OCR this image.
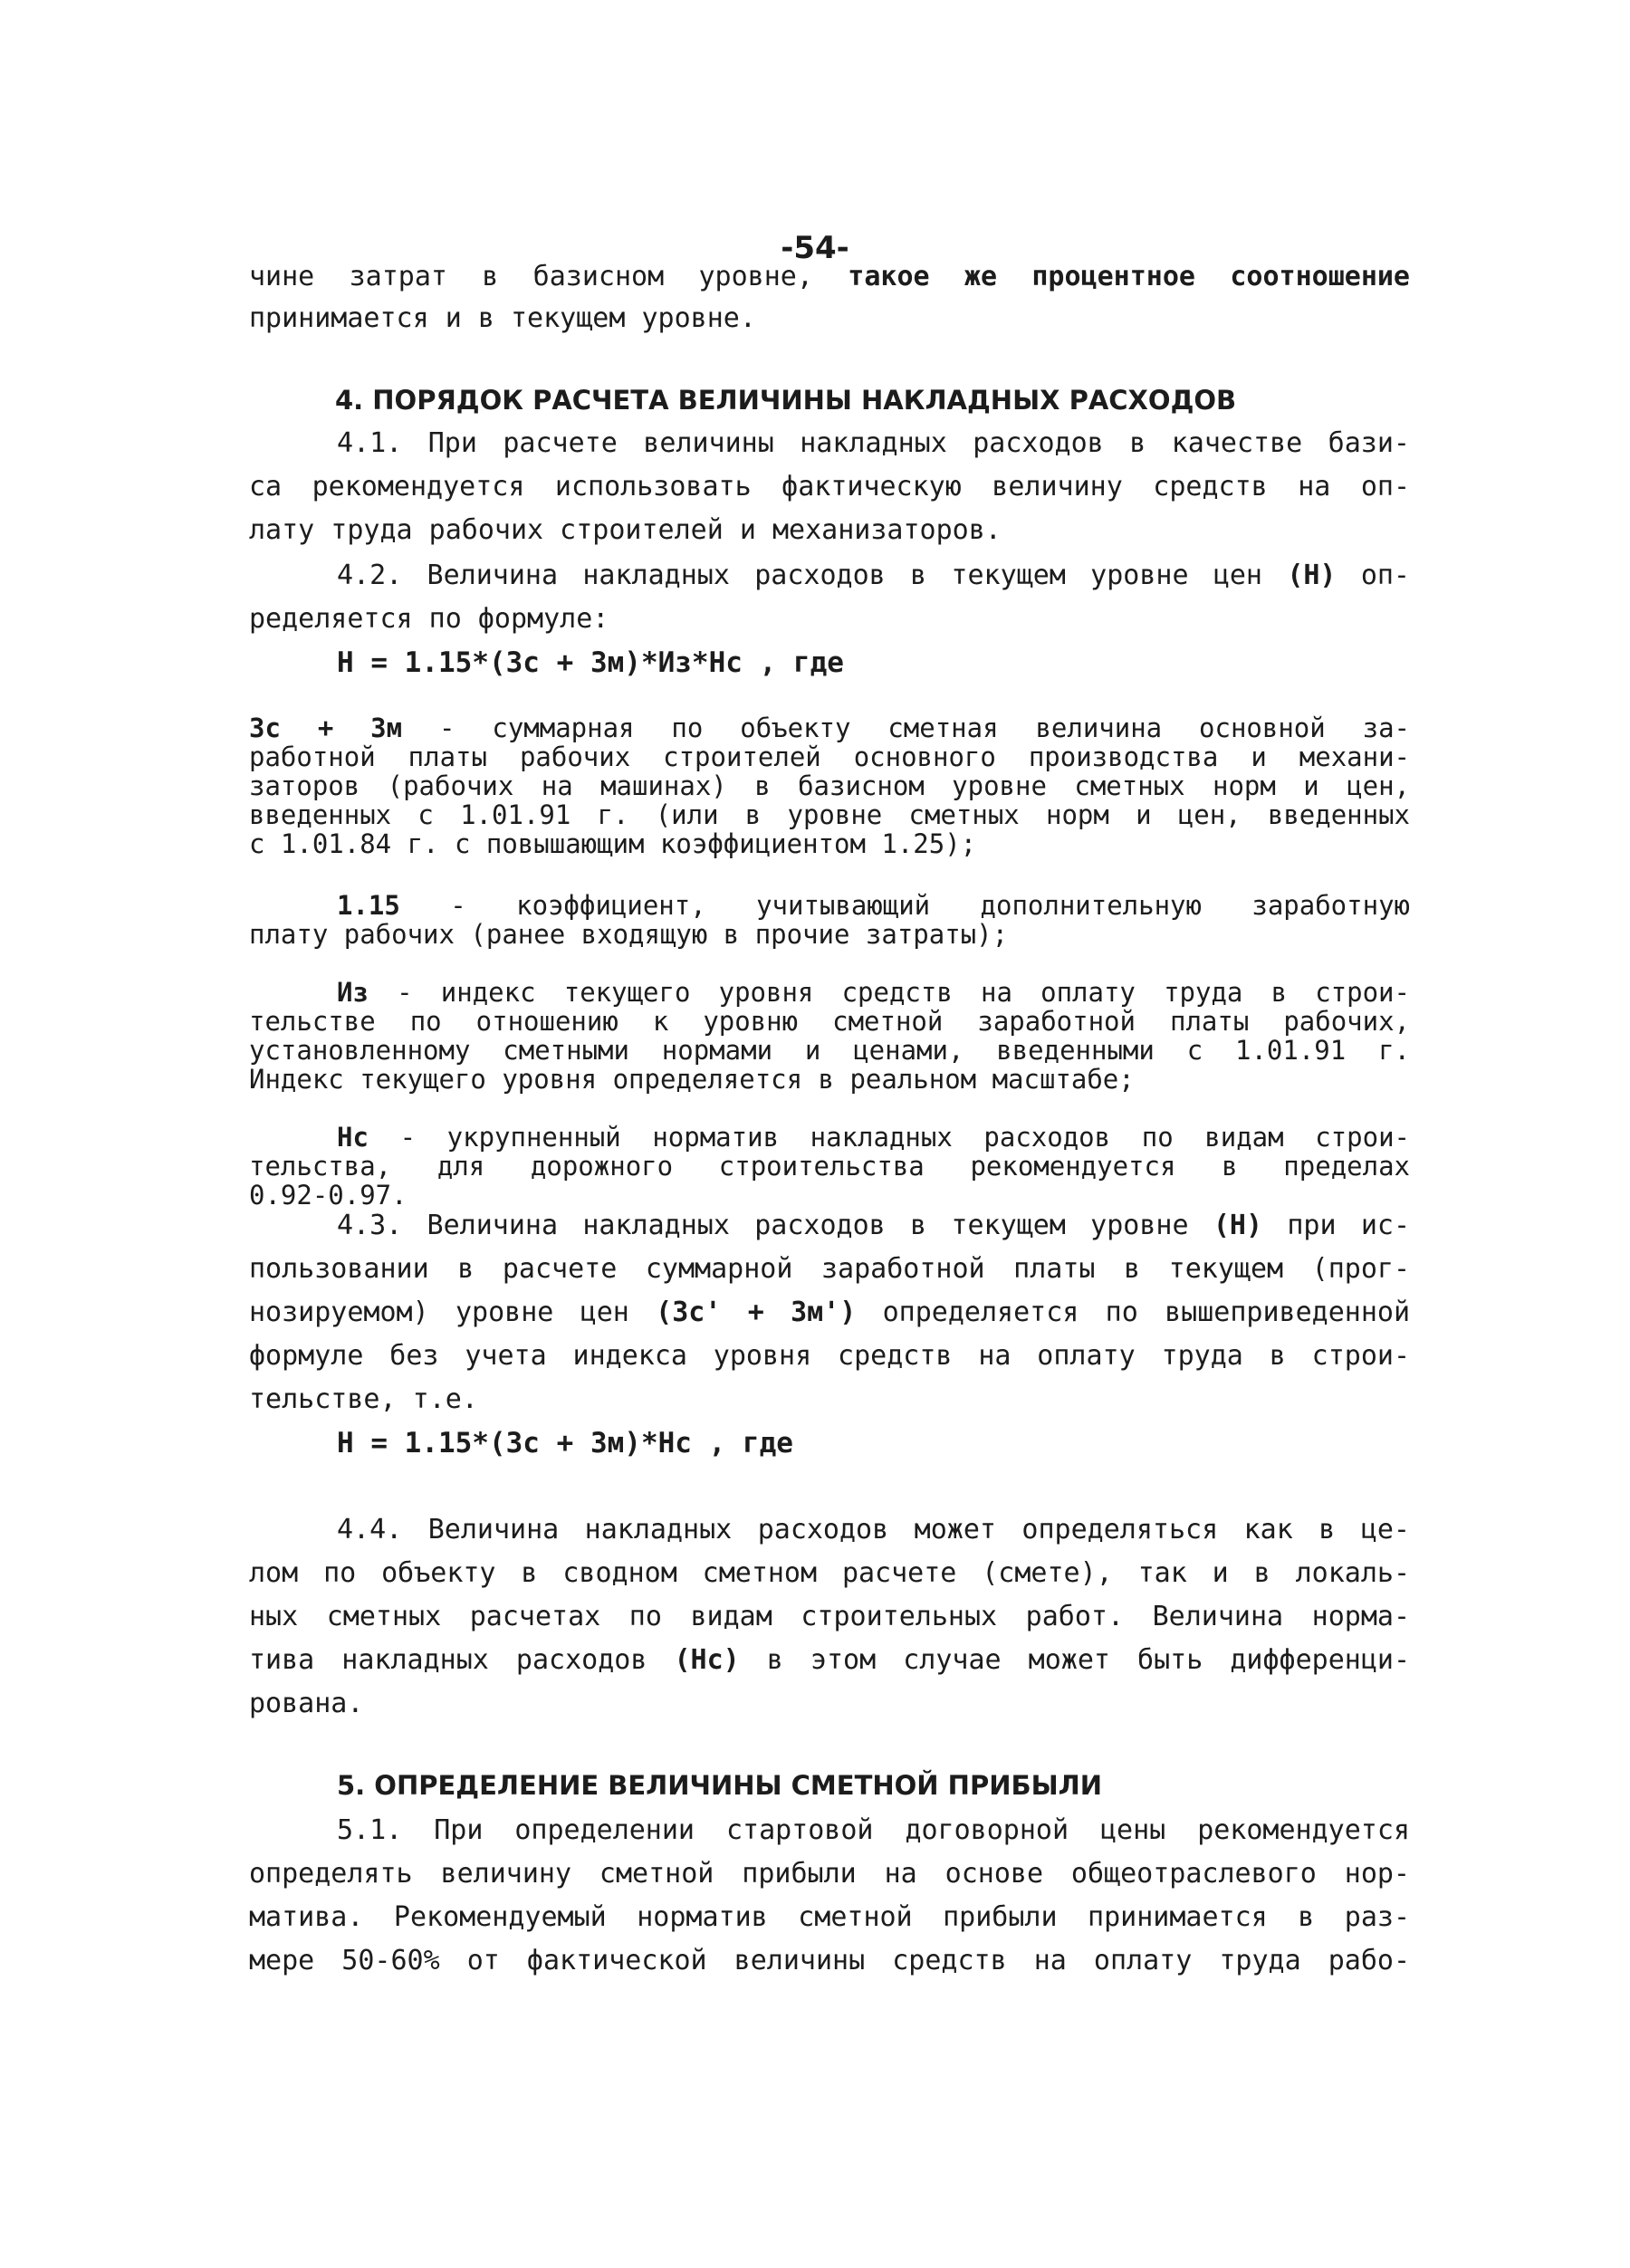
-54-
чине затрат в базисном уровне, такое же процентное соотношение
принимается и в текущем уровне.
4. ПОРЯДОК РАСЧЕТА ВЕЛИЧИНЫ НАКЛАДНЫХ РАСХОДОВ
4.1. При расчете величины накладных расходов в качестве бази-
са рекомендуется использовать фактическую величину средств на оп-
лату труда рабочих строителей и механизаторов.
4.2. Величина накладных расходов в текущем уровне цен (Н) оп-
ределяется по формуле:
Н = 1.15*(Зс + Зм)*Из*Нс , где
Зс + Зм - суммарная по объекту сметная величина основной за-
работной платы рабочих строителей основного производства и механи-
заторов (рабочих на машинах) в базисном уровне сметных норм и цен,
введенных с 1.01.91 г. (или в уровне сметных норм и цен, введенных
с 1.01.84 г. с повышающим коэффициентом 1.25);
1.15 - коэффициент, учитывающий дополнительную заработную
плату рабочих (ранее входящую в прочие затраты);
Из - индекс текущего уровня средств на оплату труда в строи-
тельстве по отношению к уровню сметной заработной платы рабочих,
установленному сметными нормами и ценами, введенными с 1.01.91 г.
Индекс текущего уровня определяется в реальном масштабе;
Нс - укрупненный норматив накладных расходов по видам строи-
тельства, для дорожного строительства рекомендуется в пределах
0.92-0.97.
4.3. Величина накладных расходов в текущем уровне (Н) при ис-
пользовании в расчете суммарной заработной платы в текущем (прог-
нозируемом) уровне цен (Зс' + Зм') определяется по вышеприведенной
формуле без учета индекса уровня средств на оплату труда в строи-
тельстве, т.е.
Н = 1.15*(Зс + Зм)*Нс , где
4.4. Величина накладных расходов может определяться как в це-
лом по объекту в сводном сметном расчете (смете), так и в локаль-
ных сметных расчетах по видам строительных работ. Величина норма-
тива накладных расходов (Нс) в этом случае может быть дифференци-
рована.
5. ОПРЕДЕЛЕНИЕ ВЕЛИЧИНЫ СМЕТНОЙ ПРИБЫЛИ
5.1. При определении стартовой договорной цены рекомендуется
определять величину сметной прибыли на основе общеотраслевого нор-
матива. Рекомендуемый норматив сметной прибыли принимается в раз-
мере 50-60% от фактической величины средств на оплату труда рабо-
